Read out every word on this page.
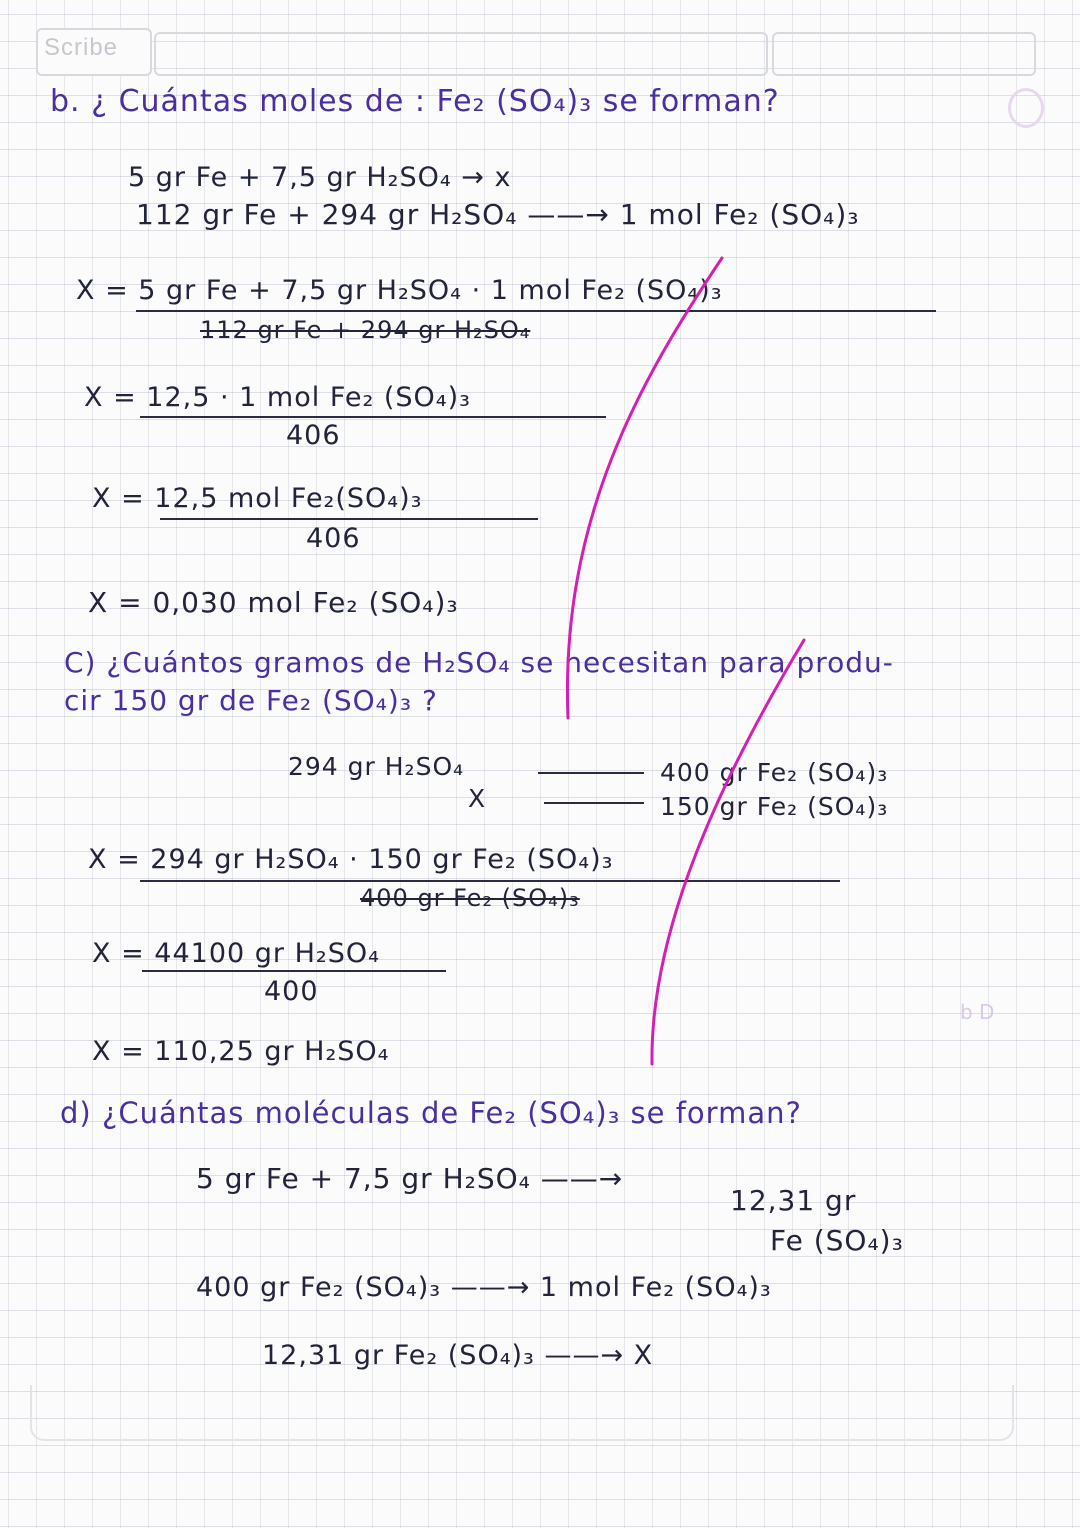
Scribe
b. ¿ Cuántas moles de : Fe₂ (SO₄)₃ se forman?
5 gr Fe + 7,5 gr H₂SO₄ → x
112 gr Fe + 294 gr H₂SO₄ ——→ 1 mol Fe₂ (SO₄)₃
X = 5 gr Fe + 7,5 gr H₂SO₄ · 1 mol Fe₂ (SO₄)₃
112 gr Fe + 294 gr H₂SO₄
X = 12,5 · 1 mol Fe₂ (SO₄)₃
406
X = 12,5 mol Fe₂(SO₄)₃
406
X = 0,030 mol Fe₂ (SO₄)₃
C) ¿Cuántos gramos de H₂SO₄ se necesitan para produ-
cir 150 gr de Fe₂ (SO₄)₃ ?
294 gr H₂SO₄	400 gr Fe₂ (SO₄)₃
X	150 gr Fe₂ (SO₄)₃
X = 294 gr H₂SO₄ · 150 gr Fe₂ (SO₄)₃
400 gr Fe₂ (SO₄)₃
X = 44100 gr H₂SO₄
400
X = 110,25 gr H₂SO₄
d) ¿Cuántas moléculas de Fe₂ (SO₄)₃ se forman?
5 gr Fe + 7,5 gr H₂SO₄ ——→
12,31 gr
Fe (SO₄)₃
400 gr Fe₂ (SO₄)₃ ——→ 1 mol Fe₂ (SO₄)₃
12,31 gr Fe₂ (SO₄)₃ ——→ X
b D
